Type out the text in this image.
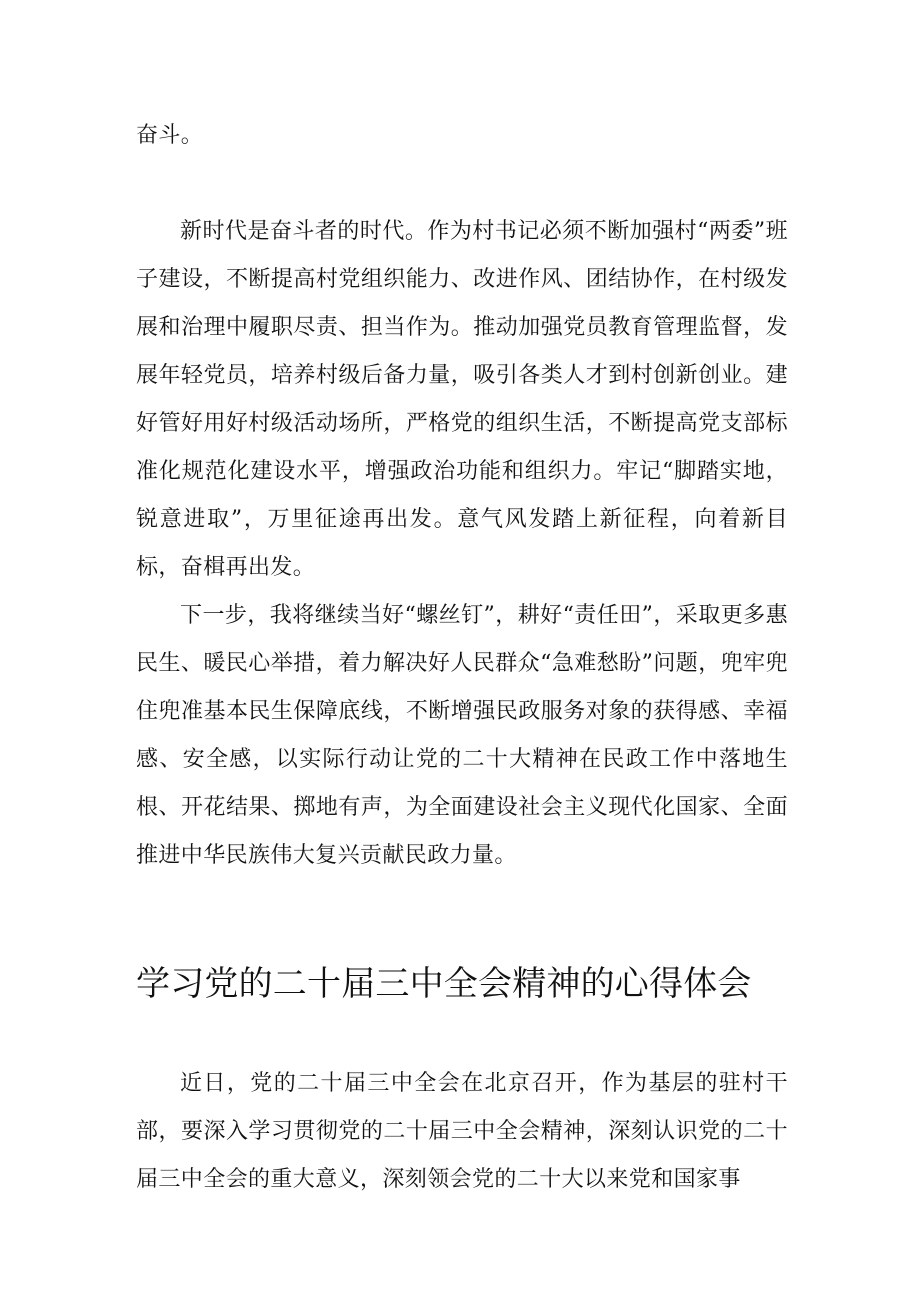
奋斗。

新时代是奋斗者的时代。作为村书记必须不断加强村“两委”班子建设，不断提高村党组织能力、改进作风、团结协作，在村级发展和治理中履职尽责、担当作为。推动加强党员教育管理监督，发展年轻党员，培养村级后备力量，吸引各类人才到村创新创业。建好管好用好村级活动场所，严格党的组织生活，不断提高党支部标准化规范化建设水平，增强政治功能和组织力。牢记“脚踏实地，锐意进取”，万里征途再出发。意气风发踏上新征程，向着新目标，奋楫再出发。

下一步，我将继续当好“螺丝钉”，耕好“责任田”，采取更多惠民生、暖民心举措，着力解决好人民群众“急难愁盼”问题，兜牢兜住兜准基本民生保障底线，不断增强民政服务对象的获得感、幸福感、安全感，以实际行动让党的二十大精神在民政工作中落地生根、开花结果、掷地有声，为全面建设社会主义现代化国家、全面推进中华民族伟大复兴贡献民政力量。

学习党的二十届三中全会精神的心得体会

近日，党的二十届三中全会在北京召开，作为基层的驻村干部，要深入学习贯彻党的二十届三中全会精神，深刻认识党的二十届三中全会的重大意义，深刻领会党的二十大以来党和国家事
